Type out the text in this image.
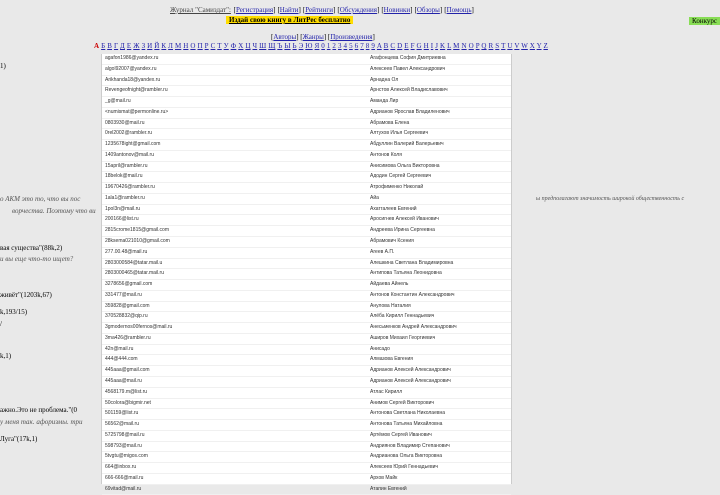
Журнал "Самиздат": [Регистрация] [Найти] [Рейтинги] [Обсуждения] [Новинки] [Обзоры] [Помощь]
Издай свою книгу в ЛитРес бесплатно	Конкурс
[Авторы] [Жанры] [Произведения]
А Б В Г Д Е Ж З И Й К Л М Н О П Р С Т У Ф Х Ц Ч Ш Щ Ъ Ы Ь Э Ю Я 0 1 2 3 4 5 6 7 8 9 A B C D E F G H I J K L M N O P Q R S T U V W X Y Z
1)
о АКМ это то, что вы пос
ворчества. Поэтому что ви
вая существа"(88k,2)
и вы еще что-то ищет?
живёт"(1203k,67)
k,193/15)
/
k,1)
ажно.Это не проблема."(0
у меня так. афоризмы. три
Луга"(17k,1)
ы предполагают значимость широкой общественность с
agafon1986@yandex.ru	Агафонцева София Дмитриевна
algol92007@yandex.ru	Алексеев Павел Александрович
Arikhanda18@yandex.ru	Арнадна Ол
Revengeofnight@rambler.ru	Арнстов Алексей Владиславович
_g@mail.ru	Аманда Лир
<numismat@permonline.ru>	Адрианов Ярослав Владиленович
0803930@mail.ru	Абрамова Елена
0rel2002@rambler.ru	Алтухов Илья Сергеевич
1235678ight@gmail.com	Абдуллин Валерий Валерьевич
1409antonov@mail.ru	Антонов Коля
15april@rambler.ru	Анисимова Ольга Викторовна
18belok@mail.ru	Адодин Сергей Сергеевич
19670426@rambler.ru	Атрофименко Николай
1ala1@rambler.ru	Айа
1pol3n@mail.ru	Ахатгалеев Евгений
200166@list.ru	Аросигнев Алексей Иванович
2815crome1815@gmail.com	Андреева Ирина Сергеевна
28ksema021010@gmail.com	Абрамович Ксения
277.00.48@mail.ru	Агеев А.П.
2803000584@tatar.mail.u	Алешкина Светлана Владимировна
2803000465@tatar.mail.ru	Антипова Татьяна Леонидовна
3278656@gmail.com	Айдаева Айнель
331477@mail.ru	Антонов Константин Александрович
359828@gmail.com	Анулова Наталия
370528832@qip.ru	Алёба Кирилл Геннадьевич
3gmodernos00fernos@mail.ru	Анесьменков Андрей Александрович
3ma426@rambler.ru	Аширов Михаил Георгиевич
42n@mail.ru	Анисадо
444@444.com	Алмазова Евгения
445aaa@gmail.com	Адрианов Алексей Александрович
445aaa@mail.ru	Адрианов Алексей Александрович
4568179.m@list.ru	Атлас Кирилл
50colora@bigmir.net	Анимов Сергей Викторович
501159@list.ru	Антонова Светлана Николаевна
56562@mail.ru	Антонова Татьяна Михайловна
5725798@mail.ru	Артёмов Сергей Иванович
598793@mail.ru	Андриянов Владимир Степанович
5tvgtu@migos.com	Андрианова Ольга Викторовна
664@inbox.ru	Алексеев Юрий Геннадьевич
666-666@mail.ru	Архов Майк
69vitad@mail.ru	Атапин Евгений
